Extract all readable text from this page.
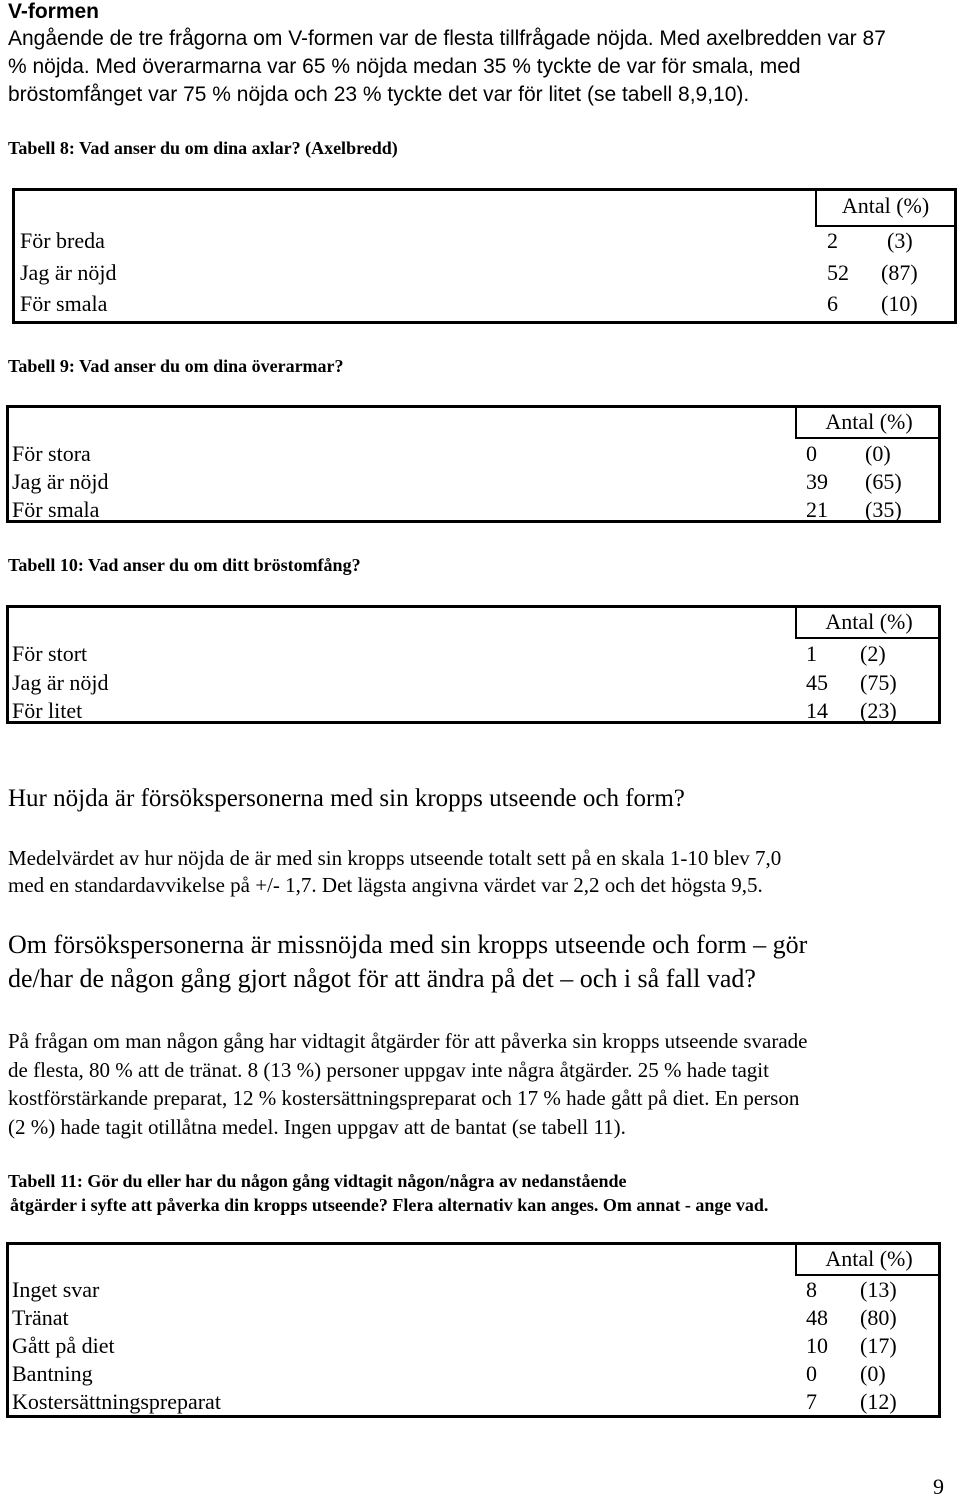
V-formen
Angående de tre frågorna om V-formen var de flesta tillfrågade nöjda. Med axelbredden var 87
% nöjda. Med överarmarna var 65 % nöjda medan 35 % tyckte de var för smala, med
bröstomfånget var 75 % nöjda och 23 % tyckte det var för litet (se tabell 8,9,10).
Tabell 8: Vad anser du om dina axlar? (Axelbredd)
Antal (%)
För breda	2 (3)
Jag är nöjd	52 (87)
För smala	6 (10)
Tabell 9: Vad anser du om dina överarmar?
Antal (%)
För stora	0 (0)
Jag är nöjd	39 (65)
För smala	21 (35)
Tabell 10: Vad anser du om ditt bröstomfång?
Antal (%)
För stort	1 (2)
Jag är nöjd	45 (75)
För litet	14 (23)
Hur nöjda är försökspersonerna med sin kropps utseende och form?
Medelvärdet av hur nöjda de är med sin kropps utseende totalt sett på en skala 1-10 blev 7,0
med en standardavvikelse på +/- 1,7. Det lägsta angivna värdet var 2,2 och det högsta 9,5.
Om försökspersonerna är missnöjda med sin kropps utseende och form – gör
de/har de någon gång gjort något för att ändra på det – och i så fall vad?
På frågan om man någon gång har vidtagit åtgärder för att påverka sin kropps utseende svarade
de flesta, 80 % att de tränat. 8 (13 %) personer uppgav inte några åtgärder. 25 % hade tagit
kostförstärkande preparat, 12 % kostersättningspreparat och 17 % hade gått på diet. En person
(2 %) hade tagit otillåtna medel. Ingen uppgav att de bantat (se tabell 11).
Tabell 11: Gör du eller har du någon gång vidtagit någon/några av nedanstående
åtgärder i syfte att påverka din kropps utseende? Flera alternativ kan anges. Om annat - ange vad.
Antal (%)
Inget svar	8 (13)
Tränat	48 (80)
Gått på diet	10 (17)
Bantning	0 (0)
Kostersättningspreparat	7 (12)
9
